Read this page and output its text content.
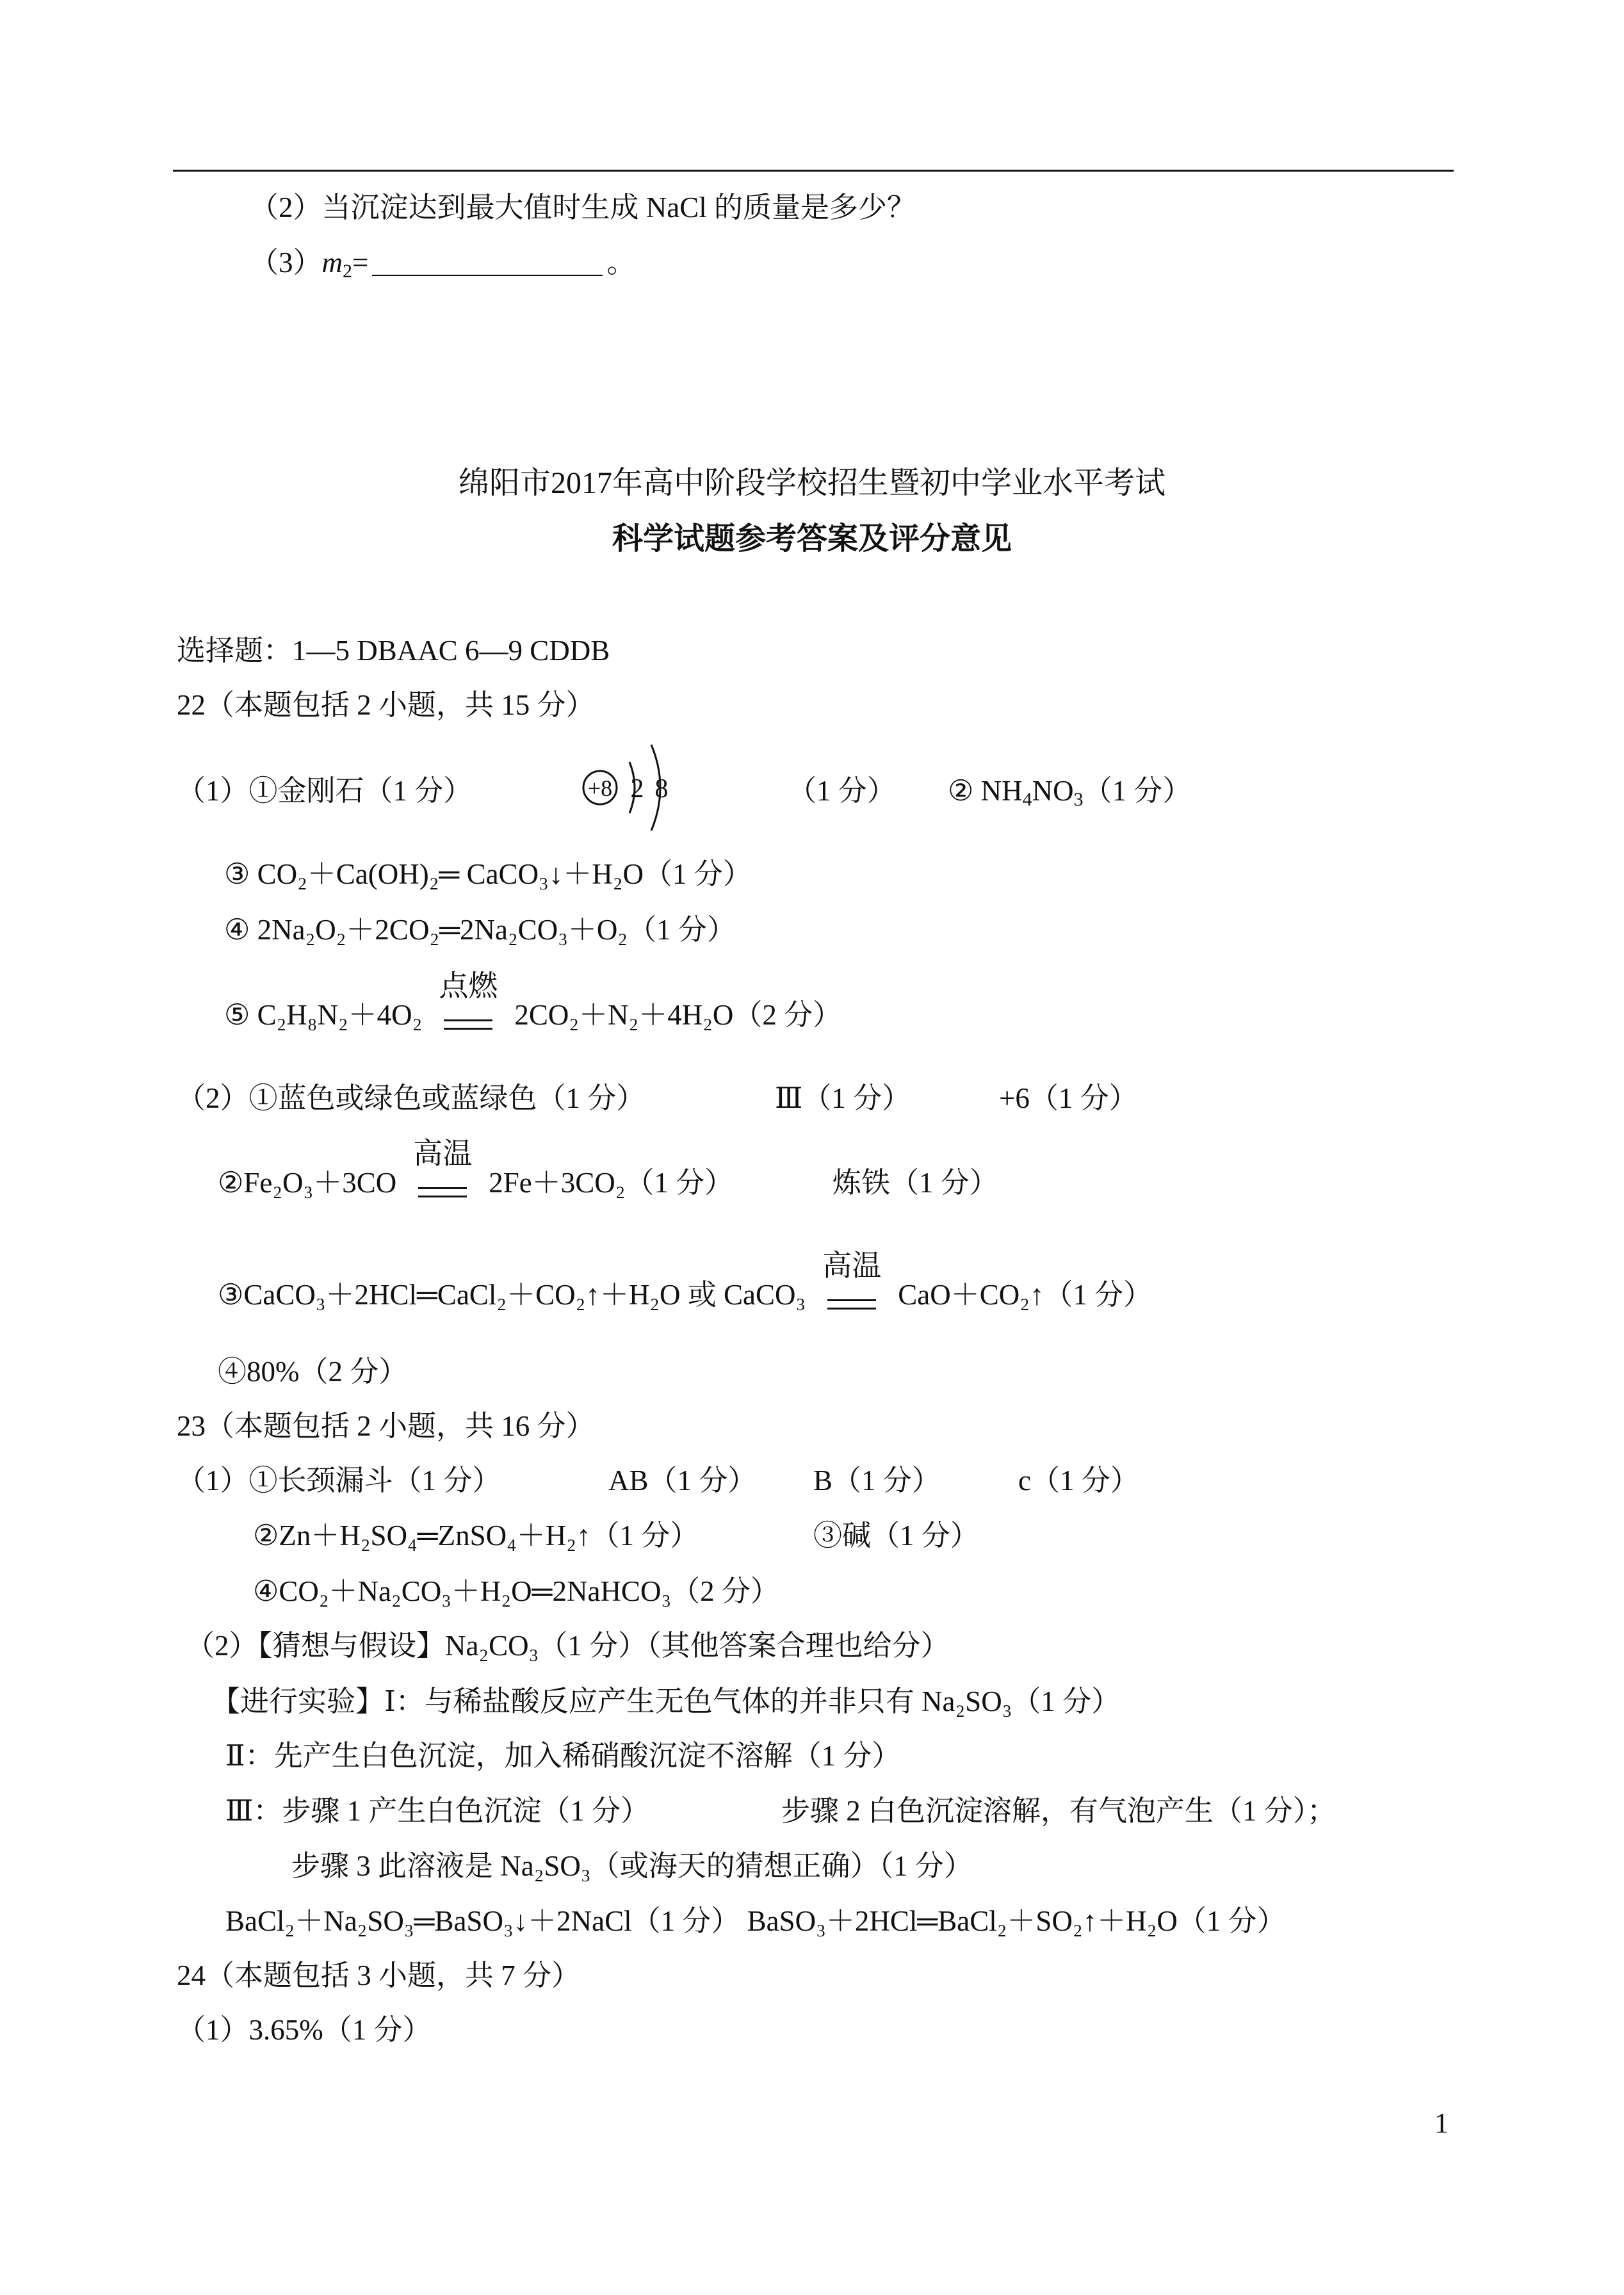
（2）当沉淀达到最大值时生成 NaCl 的质量是多少？
$(3)m_2=$	。
绵阳市2017年高中阶段学校招生暨初中学业水平考试
科学试题参考答案及评分意见
选择题：1—5 DBAAC 6—9 CDDB
22（本题包括 2 小题，共 15 分）
（1）①金刚石（1 分）	+8 2 8	（1 分） ② $NH_4NO_3(1$ 分）
③ CO₂＋Ca(OH)₂═ CaCO₃↓＋H₂O（1 分）
④ 2Na₂O₂＋2CO₂═2Na₂CO₃＋O₂（1 分）
⑤ C₂H₈N₂＋4O₂
点燃
2CO₂＋N₂＋4H₂O（2 分）
（2）①蓝色或绿色或蓝绿色（1 分）	Ⅲ（1 分）	+6（1 分）
②Fe₂O₃＋3CO
高温
2Fe＋3CO₂（1 分）	炼铁（1 分）
③CaCO₃＋2HCl═CaCl₂＋CO₂↑＋H₂O 或 CaCO₃
高温
CaO＋CO₂↑（1 分）
④80%（2 分）
23（本题包括 2 小题，共 16 分）
（1）①长颈漏斗（1 分）	AB（1 分） B（1 分）	c（1 分）
②Zn＋H₂SO₄═ZnSO₄＋H₂↑（1 分）	③碱（1 分）
④CO₂＋Na₂CO₃＋H₂O═2NaHCO₃（2 分）
（2）【猜想与假设】Na₂CO₃（1 分）（其他答案合理也给分）
【进行实验】Ⅰ：与稀盐酸反应产生无色气体的并非只有 Na₂SO₃（1 分）
Ⅱ：先产生白色沉淀，加入稀硝酸沉淀不溶解（1 分）
Ⅲ：步骤 1 产生白色沉淀（1 分）	步骤 2 白色沉淀溶解，有气泡产生（1 分）；
步骤 3 此溶液是 Na₂SO₃（或海天的猜想正确）（1 分）
BaCl₂＋Na₂SO₃═BaSO₃↓＋2NaCl（1 分） BaSO₃＋2HCl═BaCl₂＋SO₂↑＋H₂O（1 分）
24（本题包括 3 小题，共 7 分）
（1）3.65%（1 分）
1
